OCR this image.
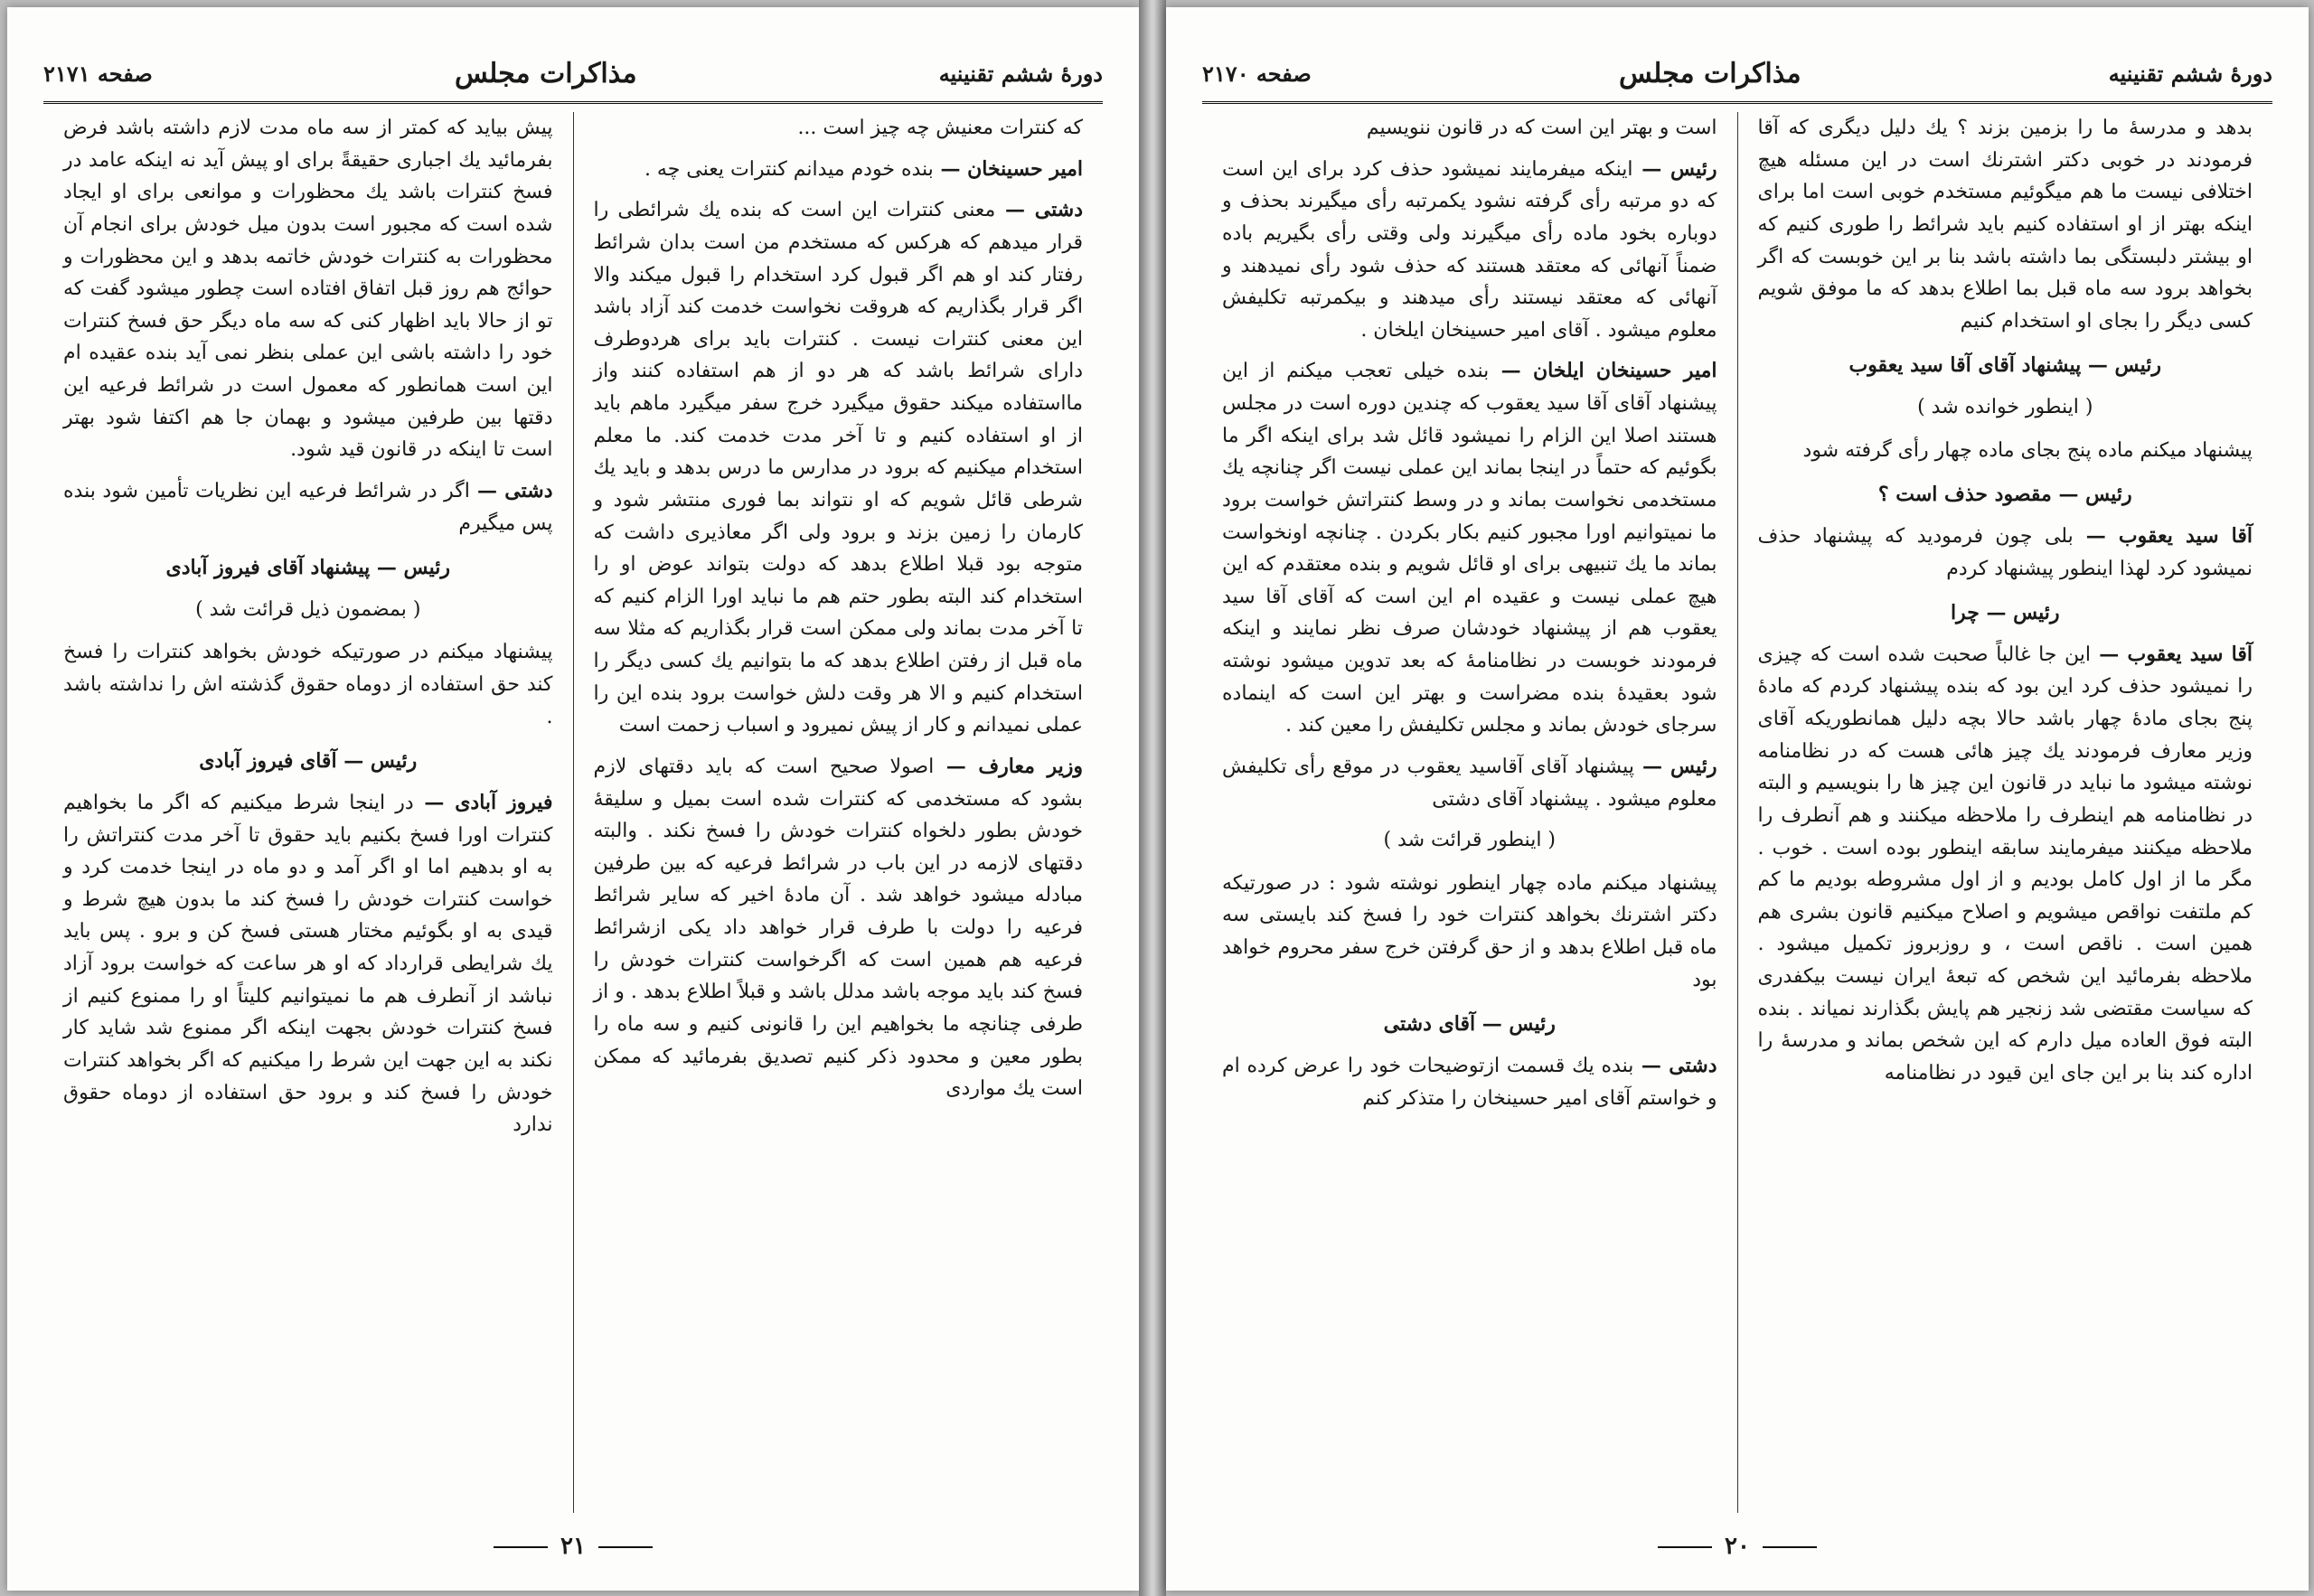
دورهٔ ششم تقنینیه
مذاکرات مجلس
صفحه ۲۱۷۱

که کنترات معنیش چه چیز است ...

امیر حسینخان — بنده خودم میدانم کنترات یعنی چه .

دشتی — معنی کنترات این است که بنده یك شرائطی را قرار میدهم که هرکس که مستخدم من است بدان شرائط رفتار کند او هم اگر قبول کرد استخدام را قبول میکند والا اگر قرار بگذاریم که هروقت نخواست خدمت کند آزاد باشد این معنی کنترات نیست . کنترات باید برای هردوطرف دارای شرائط باشد که هر دو از هم استفاده کنند واز مااستفاده میکند حقوق میگیرد خرج سفر میگیرد ماهم باید از او استفاده کنیم و تا آخر مدت خدمت کند. ما معلم استخدام میکنیم که برود در مدارس ما درس بدهد و باید یك شرطی قائل شویم که او نتواند بما فوری منتشر شود و کارمان را زمین بزند و برود ولی اگر معاذیری داشت که متوجه بود قبلا اطلاع بدهد که دولت بتواند عوض او را استخدام کند البته بطور حتم هم ما نباید اورا الزام کنیم که تا آخر مدت بماند ولی ممکن است قرار بگذاریم که مثلا سه ماه قبل از رفتن اطلاع بدهد که ما بتوانیم یك کسی دیگر را استخدام کنیم و الا هر وقت دلش خواست برود بنده این را عملی نمیدانم و کار از پیش نمیرود و اسباب زحمت است

وزیر معارف — اصولا صحیح است که باید دقتهای لازم بشود که مستخدمی که کنترات شده است بمیل و سلیقهٔ خودش بطور دلخواه کنترات خودش را فسخ نکند . والبته دقتهای لازمه در این باب در شرائط فرعیه که بین طرفین مبادله میشود خواهد شد . آن مادهٔ اخیر که سایر شرائط فرعیه را دولت با طرف قرار خواهد داد یکی ازشرائط فرعیه هم همین است که اگرخواست کنترات خودش را فسخ کند باید موجه باشد مدلل باشد و قبلاً اطلاع بدهد . و از طرفی چنانچه ما بخواهیم این را قانونی کنیم و سه ماه را بطور معین و محدود ذکر کنیم تصدیق بفرمائید که ممکن است یك مواردی

پیش بیاید که کمتر از سه ماه مدت لازم داشته باشد فرض بفرمائید یك اجباری حقیقةً برای او پیش آید نه اینکه عامد در فسخ کنترات باشد یك محظورات و موانعی برای او ایجاد شده است که مجبور است بدون میل خودش برای انجام آن محظورات به کنترات خودش خاتمه بدهد و این محظورات و حوائج هم روز قبل اتفاق افتاده است چطور میشود گفت که تو از حالا باید اظهار کنی که سه ماه دیگر حق فسخ کنترات خود را داشته باشی این عملی بنظر نمی آید بنده عقیده ام این است همانطور که معمول است در شرائط فرعیه این دقتها بین طرفین میشود و بهمان جا هم اکتفا شود بهتر است تا اینکه در قانون قید شود.

دشتی — اگر در شرائط فرعیه این نظریات تأمین شود بنده پس میگیرم

رئیس — پیشنهاد آقای فیروز آبادی

( بمضمون ذیل قرائت شد )

پیشنهاد میکنم در صورتیکه خودش بخواهد کنترات را فسخ کند حق استفاده از دوماه حقوق گذشته اش را نداشته باشد .

رئیس — آقای فیروز آبادی

فیروز آبادی — در اینجا شرط میکنیم که اگر ما بخواهیم کنترات اورا فسخ بکنیم باید حقوق تا آخر مدت کنتراتش را به او بدهیم اما او اگر آمد و دو ماه در اینجا خدمت کرد و خواست کنترات خودش را فسخ کند ما بدون هیچ شرط و قیدی به او بگوئیم مختار هستی فسخ کن و برو . پس باید یك شرایطی قرارداد که او هر ساعت که خواست برود آزاد نباشد از آنطرف هم ما نمیتوانیم کلیتاً او را ممنوع کنیم از فسخ کنترات خودش بجهت اینکه اگر ممنوع شد شاید کار نکند به این جهت این شرط را میکنیم که اگر بخواهد کنترات خودش را فسخ کند و برود حق استفاده از دوماه حقوق ندارد

۲۱
دورهٔ ششم تقنینیه
مذاکرات مجلس
صفحه ۲۱۷۰

بدهد و مدرسهٔ ما را بزمین بزند ؟ یك دلیل دیگری که آقا فرمودند در خوبی دکتر اشترنك است در این مسئله هیچ اختلافی نیست ما هم میگوئیم مستخدم خوبی است اما برای اینکه بهتر از او استفاده کنیم باید شرائط را طوری کنیم که او بیشتر دلبستگی بما داشته باشد بنا بر این خوبست که اگر بخواهد برود سه ماه قبل بما اطلاع بدهد که ما موفق شویم کسی دیگر را بجای او استخدام کنیم

رئیس — پیشنهاد آقای آقا سید یعقوب

( اینطور خوانده شد )

پیشنهاد میکنم ماده پنج بجای ماده چهار رأی گرفته شود

رئیس — مقصود حذف است ؟

آقا سید یعقوب — بلی چون فرمودید که پیشنهاد حذف نمیشود کرد لهذا اینطور پیشنهاد کردم

رئیس — چرا

آقا سید یعقوب — این جا غالباً صحبت شده است که چیزی را نمیشود حذف کرد این بود که بنده پیشنهاد کردم که مادهٔ پنج بجای مادهٔ چهار باشد حالا بچه دلیل همانطوریکه آقای وزیر معارف فرمودند یك چیز هائی هست که در نظامنامه نوشته میشود ما نباید در قانون این چیز ها را بنویسیم و البته در نظامنامه هم اینطرف را ملاحظه میکنند و هم آنطرف را ملاحظه میکنند میفرمایند سابقه اینطور بوده است . خوب . مگر ما از اول کامل بودیم و از اول مشروطه بودیم ما کم کم ملتفت نواقص میشویم و اصلاح میکنیم قانون بشری هم همین است . ناقص است ، و روزبروز تکمیل میشود . ملاحظه بفرمائید این شخص که تبعهٔ ایران نیست بیکفدری که سیاست مقتضی شد زنجیر هم پایش بگذارند نمیاند . بنده البته فوق العاده میل دارم که این شخص بماند و مدرسهٔ را اداره کند بنا بر این جای این قیود در نظامنامه

است و بهتر این است که در قانون ننویسیم

رئیس — اینکه میفرمایند نمیشود حذف کرد برای این است که دو مرتبه رأی گرفته نشود یکمرتبه رأی میگیرند بحذف و دوباره بخود ماده رأی میگیرند ولی وقتی رأی بگیریم باده ضمناً آنهائی که معتقد هستند که حذف شود رأی نمیدهند و آنهائی که معتقد نیستند رأی میدهند و بیکمرتبه تکلیفش معلوم میشود . آقای امیر حسینخان ایلخان .

امیر حسینخان ایلخان — بنده خیلی تعجب میکنم از این پیشنهاد آقای آقا سید یعقوب که چندین دوره است در مجلس هستند اصلا این الزام را نمیشود قائل شد برای اینکه اگر ما بگوئیم که حتماً در اینجا بماند این عملی نیست اگر چنانچه یك مستخدمی نخواست بماند و در وسط کنتراتش خواست برود ما نمیتوانیم اورا مجبور کنیم بکار بکردن . چنانچه اونخواست بماند ما یك تنبیهی برای او قائل شویم و بنده معتقدم که این هیچ عملی نیست و عقیده ام این است که آقای آقا سید یعقوب هم از پیشنهاد خودشان صرف نظر نمایند و اینکه فرمودند خوبست در نظامنامهٔ که بعد تدوین میشود نوشته شود بعقیدهٔ بنده مضراست و بهتر این است که اینماده سرجای خودش بماند و مجلس تکلیفش را معین کند .

رئیس — پیشنهاد آقای آقاسید یعقوب در موقع رأی تکلیفش معلوم میشود . پیشنهاد آقای دشتی

( اینطور قرائت شد )

پیشنهاد میکنم ماده چهار اینطور نوشته شود : در صورتیکه دکتر اشترنك بخواهد کنترات خود را فسخ کند بایستی سه ماه قبل اطلاع بدهد و از حق گرفتن خرج سفر محروم خواهد بود

رئیس — آقای دشتی

دشتی — بنده یك قسمت ازتوضیحات خود را عرض کرده ام و خواستم آقای امیر حسینخان را متذکر کنم

۲۰
